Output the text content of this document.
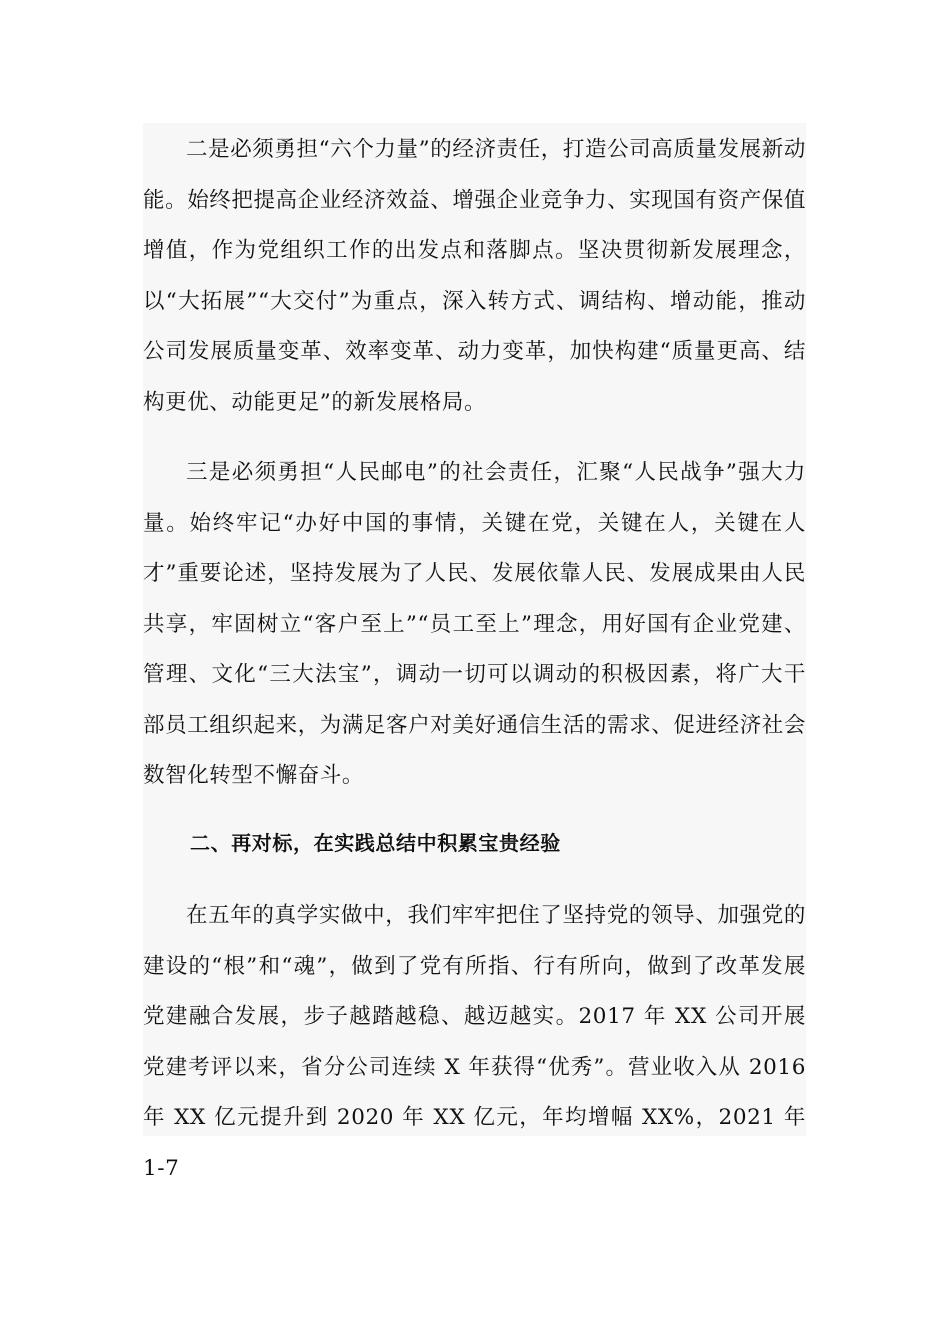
二是必须勇担“六个力量”的经济责任，打造公司高质量发展新动能。始终把提高企业经济效益、增强企业竞争力、实现国有资产保值增值，作为党组织工作的出发点和落脚点。坚决贯彻新发展理念，以“大拓展”“大交付”为重点，深入转方式、调结构、增动能，推动公司发展质量变革、效率变革、动力变革，加快构建“质量更高、结构更优、动能更足”的新发展格局。

三是必须勇担“人民邮电”的社会责任，汇聚“人民战争”强大力量。始终牢记“办好中国的事情，关键在党，关键在人，关键在人才”重要论述，坚持发展为了人民、发展依靠人民、发展成果由人民共享，牢固树立“客户至上”“员工至上”理念，用好国有企业党建、管理、文化“三大法宝”，调动一切可以调动的积极因素，将广大干部员工组织起来，为满足客户对美好通信生活的需求、促进经济社会数智化转型不懈奋斗。

二、再对标，在实践总结中积累宝贵经验

在五年的真学实做中，我们牢牢把住了坚持党的领导、加强党的建设的“根”和“魂”，做到了党有所指、行有所向，做到了改革发展党建融合发展，步子越踏越稳、越迈越实。2017 年 XX 公司开展党建考评以来，省分公司连续 X 年获得“优秀”。营业收入从 2016 年 XX 亿元提升到 2020 年 XX 亿元，年均增幅 XX%，2021 年 1-7
